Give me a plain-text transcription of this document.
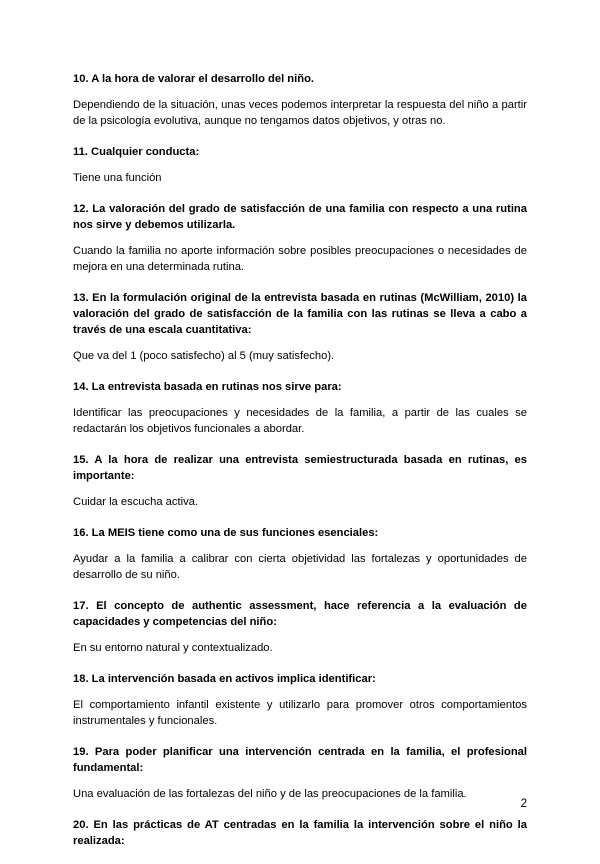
10. A la hora de valorar el desarrollo del niño.

Dependiendo de la situación, unas veces podemos interpretar la respuesta del niño a partir de la psicología evolutiva, aunque no tengamos datos objetivos, y otras no.

11. Cualquier conducta:

Tiene una función

12. La valoración del grado de satisfacción de una familia con respecto a una rutina nos sirve y debemos utilizarla.

Cuando la familia no aporte información sobre posibles preocupaciones o necesidades de mejora en una determinada rutina.

13. En la formulación original de la entrevista basada en rutinas (McWilliam, 2010) la valoración del grado de satisfacción de la familia con las rutinas se lleva a cabo a través de una escala cuantitativa:

Que va del 1 (poco satisfecho) al 5 (muy satisfecho).

14. La entrevista basada en rutinas nos sirve para:

Identificar las preocupaciones y necesidades de la familia, a partir de las cuales se redactarán los objetivos funcionales a abordar.

15. A la hora de realizar una entrevista semiestructurada basada en rutinas, es importante:

Cuidar la escucha activa.

16. La MEIS tiene como una de sus funciones esenciales:

Ayudar a la familia a calibrar con cierta objetividad las fortalezas y oportunidades de desarrollo de su niño.

17. El concepto de authentic assessment, hace referencia a la evaluación de capacidades y competencias del niño:

En su entorno natural y contextualizado.

18. La intervención basada en activos implica identificar:

El comportamiento infantil existente y utilizarlo para promover otros comportamientos instrumentales y funcionales.

19. Para poder planificar una intervención centrada en la familia, el profesional fundamental:

Una evaluación de las fortalezas del niño y de las preocupaciones de la familia.

20. En las prácticas de AT centradas en la familia la intervención sobre el niño la realizada:

2
